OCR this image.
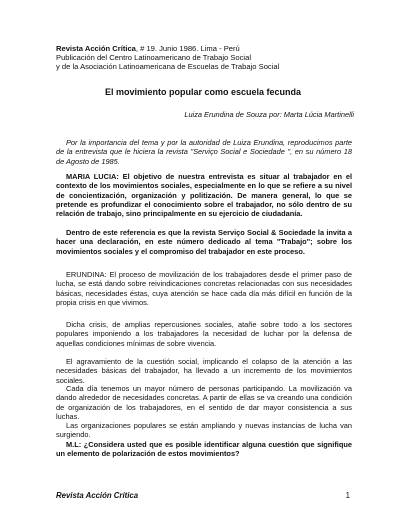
Revista Acción Crítica, # 19. Junio 1986. Lima - Perú
Publicación del Centro Latinoamericano de Trabajo Social
y de la Asociación Latinoamericana de Escuelas de Trabajo Social
El movimiento popular como escuela fecunda
Luiza Erundina de Souza por: Marta Lúcia Martinelli
Por la importancia del tema y por la autoridad de Luiza Erundina, reproducimos parte de la entrevista que le hiciera la revista "Serviço Social e Sociedade ", en su número 18 de Agosto de 1985.

MARIA LUCIA: El objetivo de nuestra entrevista es situar al trabajador en el contexto de los movimientos sociales, especialmente en lo que se refiere a su nivel de concientización, organización y politización. De manera general, lo que se pretende es profundizar el conocimiento sobre el trabajador, no sólo dentro de su relación de trabajo, sino principalmente en su ejercicio de ciudadanía.

Dentro de este referencia es que la revista Serviço Social & Sociedade la invita a hacer una declaración, en este número dedicado al tema "Trabajo"; sobre los movimientos sociales y el compromiso del trabajador en este proceso.

ERUNDINA: El proceso de movilización de los trabajadores desde el primer paso de lucha, se está dando sobre reivindicaciones concretas relacionadas con sus necesidades básicas, necesidades éstas, cuya atención se hace cada día más difícil en función de la propia crisis en que vivimos.

Dicha crisis, de amplias repercusiones sociales, atañe sobre todo a los sectores populares imponiendo a los trabajadores la necesidad de luchar por la defensa de aquellas condiciones mínimas de sobre vivencia.

El agravamiento de la cuestión social, implicando el colapso de la atención a las necesidades básicas del trabajador, ha llevado a un incremento de los movimientos sociales.

Cada día tenemos un mayor número de personas participando. La movilización va dando alrededor de necesidades concretas. A partir de ellas se va creando una condición de organización de los trabajadores, en el sentido de dar mayor consistencia a sus luchas.

Las organizaciones populares se están ampliando y nuevas instancias de lucha van surgiendo.

M.L: ¿Considera usted que es posible identificar alguna cuestión que signifique un elemento de polarización de estos movimientos?

Revista Acción Crítica	1
